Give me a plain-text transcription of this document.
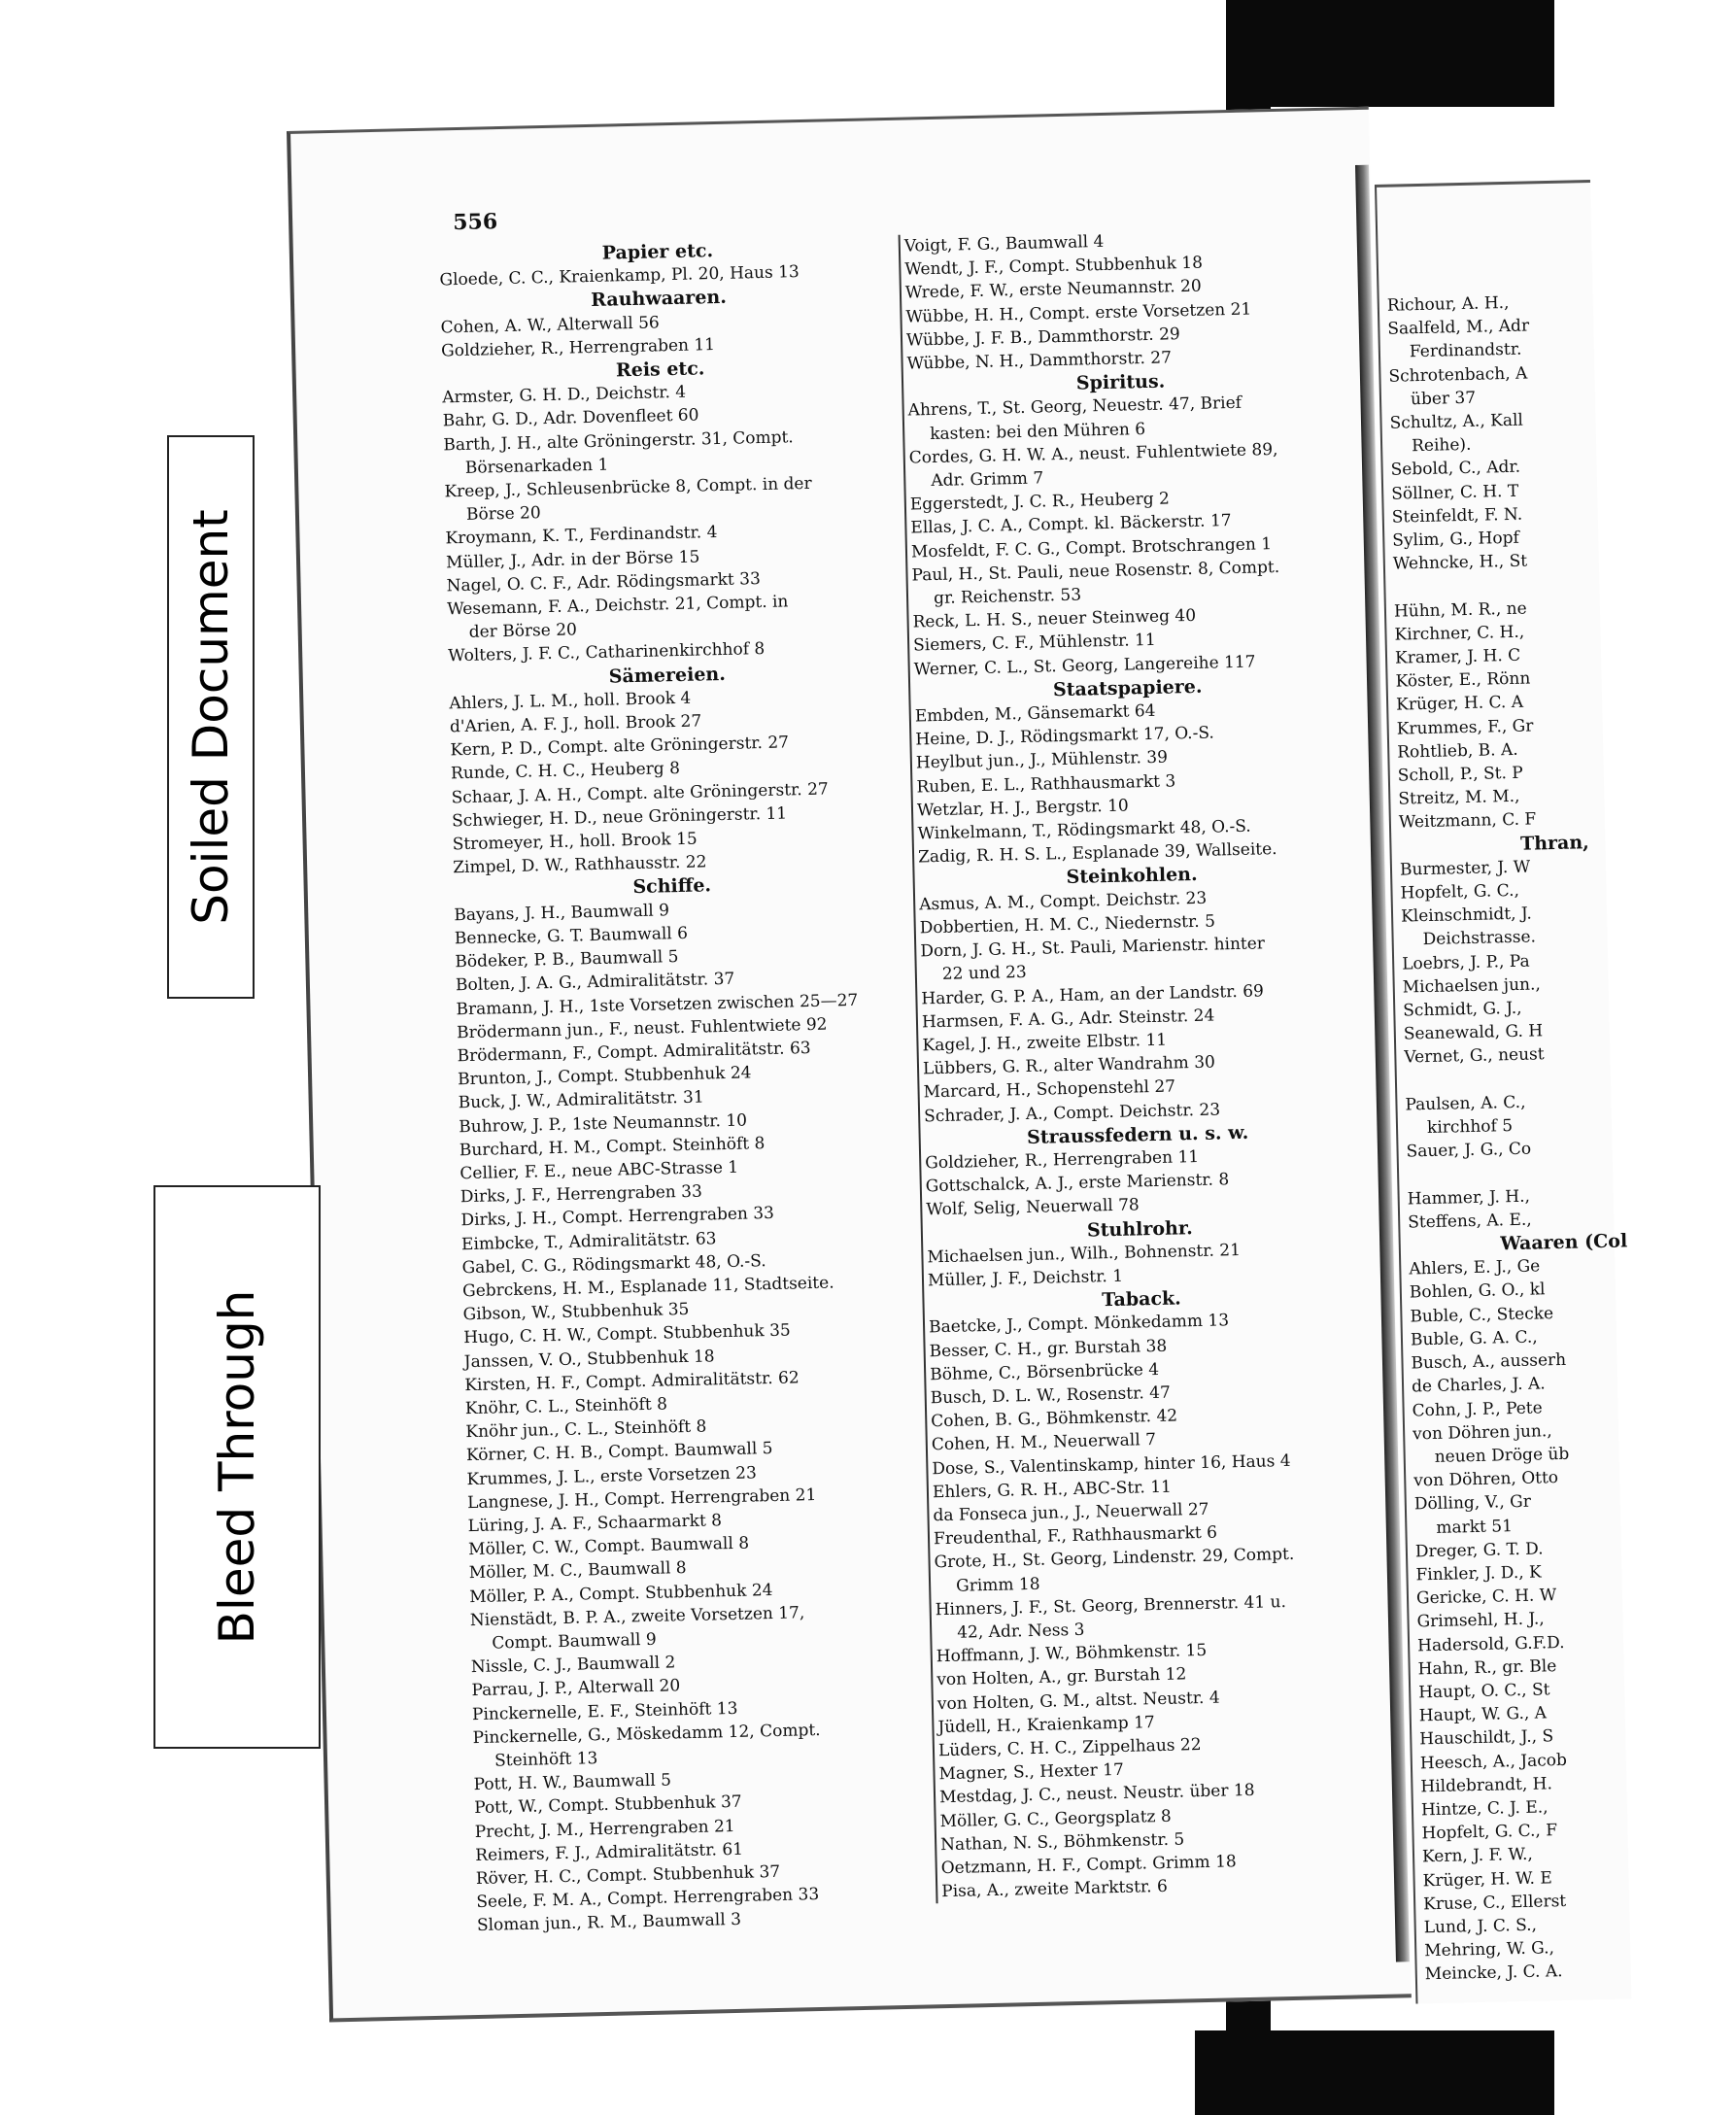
556
Papier etc.
Gloede, C. C., Kraienkamp, Pl. 20, Haus 13
Rauhwaaren.
Cohen, A. W., Alterwall 56
Goldzieher, R., Herrengraben 11
Reis etc.
Armster, G. H. D., Deichstr. 4
Bahr, G. D., Adr. Dovenfleet 60
Barth, J. H., alte Gröningerstr. 31, Compt.
Börsenarkaden 1
Kreep, J., Schleusenbrücke 8, Compt. in der
Börse 20
Kroymann, K. T., Ferdinandstr. 4
Müller, J., Adr. in der Börse 15
Nagel, O. C. F., Adr. Rödingsmarkt 33
Wesemann, F. A., Deichstr. 21, Compt. in
der Börse 20
Wolters, J. F. C., Catharinenkirchhof 8
Sämereien.
Ahlers, J. L. M., holl. Brook 4
d'Arien, A. F. J., holl. Brook 27
Kern, P. D., Compt. alte Gröningerstr. 27
Runde, C. H. C., Heuberg 8
Schaar, J. A. H., Compt. alte Gröningerstr. 27
Schwieger, H. D., neue Gröningerstr. 11
Stromeyer, H., holl. Brook 15
Zimpel, D. W., Rathhausstr. 22
Schiffe.
Bayans, J. H., Baumwall 9
Bennecke, G. T. Baumwall 6
Bödeker, P. B., Baumwall 5
Bolten, J. A. G., Admiralitätstr. 37
Bramann, J. H., 1ste Vorsetzen zwischen 25—27
Brödermann jun., F., neust. Fuhlentwiete 92
Brödermann, F., Compt. Admiralitätstr. 63
Brunton, J., Compt. Stubbenhuk 24
Buck, J. W., Admiralitätstr. 31
Buhrow, J. P., 1ste Neumannstr. 10
Burchard, H. M., Compt. Steinhöft 8
Cellier, F. E., neue ABC-Strasse 1
Dirks, J. F., Herrengraben 33
Dirks, J. H., Compt. Herrengraben 33
Eimbcke, T., Admiralitätstr. 63
Gabel, C. G., Rödingsmarkt 48, O.-S.
Gebrckens, H. M., Esplanade 11, Stadtseite.
Gibson, W., Stubbenhuk 35
Hugo, C. H. W., Compt. Stubbenhuk 35
Janssen, V. O., Stubbenhuk 18
Kirsten, H. F., Compt. Admiralitätstr. 62
Knöhr, C. L., Steinhöft 8
Knöhr jun., C. L., Steinhöft 8
Körner, C. H. B., Compt. Baumwall 5
Krummes, J. L., erste Vorsetzen 23
Langnese, J. H., Compt. Herrengraben 21
Lüring, J. A. F., Schaarmarkt 8
Möller, C. W., Compt. Baumwall 8
Möller, M. C., Baumwall 8
Möller, P. A., Compt. Stubbenhuk 24
Nienstädt, B. P. A., zweite Vorsetzen 17,
Compt. Baumwall 9
Nissle, C. J., Baumwall 2
Parrau, J. P., Alterwall 20
Pinckernelle, E. F., Steinhöft 13
Pinckernelle, G., Möskedamm 12, Compt.
Steinhöft 13
Pott, H. W., Baumwall 5
Pott, W., Compt. Stubbenhuk 37
Precht, J. M., Herrengraben 21
Reimers, F. J., Admiralitätstr. 61
Röver, H. C., Compt. Stubbenhuk 37
Seele, F. M. A., Compt. Herrengraben 33
Sloman jun., R. M., Baumwall 3
Voigt, F. G., Baumwall 4
Wendt, J. F., Compt. Stubbenhuk 18
Wrede, F. W., erste Neumannstr. 20
Wübbe, H. H., Compt. erste Vorsetzen 21
Wübbe, J. F. B., Dammthorstr. 29
Wübbe, N. H., Dammthorstr. 27
Spiritus.
Ahrens, T., St. Georg, Neuestr. 47, Brief
kasten: bei den Mühren 6
Cordes, G. H. W. A., neust. Fuhlentwiete 89,
Adr. Grimm 7
Eggerstedt, J. C. R., Heuberg 2
Ellas, J. C. A., Compt. kl. Bäckerstr. 17
Mosfeldt, F. C. G., Compt. Brotschrangen 1
Paul, H., St. Pauli, neue Rosenstr. 8, Compt.
gr. Reichenstr. 53
Reck, L. H. S., neuer Steinweg 40
Siemers, C. F., Mühlenstr. 11
Werner, C. L., St. Georg, Langereihe 117
Staatspapiere.
Embden, M., Gänsemarkt 64
Heine, D. J., Rödingsmarkt 17, O.-S.
Heylbut jun., J., Mühlenstr. 39
Ruben, E. L., Rathhausmarkt 3
Wetzlar, H. J., Bergstr. 10
Winkelmann, T., Rödingsmarkt 48, O.-S.
Zadig, R. H. S. L., Esplanade 39, Wallseite.
Steinkohlen.
Asmus, A. M., Compt. Deichstr. 23
Dobbertien, H. M. C., Niedernstr. 5
Dorn, J. G. H., St. Pauli, Marienstr. hinter
22 und 23
Harder, G. P. A., Ham, an der Landstr. 69
Harmsen, F. A. G., Adr. Steinstr. 24
Kagel, J. H., zweite Elbstr. 11
Lübbers, G. R., alter Wandrahm 30
Marcard, H., Schopenstehl 27
Schrader, J. A., Compt. Deichstr. 23
Straussfedern u. s. w.
Goldzieher, R., Herrengraben 11
Gottschalck, A. J., erste Marienstr. 8
Wolf, Selig, Neuerwall 78
Stuhlrohr.
Michaelsen jun., Wilh., Bohnenstr. 21
Müller, J. F., Deichstr. 1
Taback.
Baetcke, J., Compt. Mönkedamm 13
Besser, C. H., gr. Burstah 38
Böhme, C., Börsenbrücke 4
Busch, D. L. W., Rosenstr. 47
Cohen, B. G., Böhmkenstr. 42
Cohen, H. M., Neuerwall 7
Dose, S., Valentinskamp, hinter 16, Haus 4
Ehlers, G. R. H., ABC-Str. 11
da Fonseca jun., J., Neuerwall 27
Freudenthal, F., Rathhausmarkt 6
Grote, H., St. Georg, Lindenstr. 29, Compt.
Grimm 18
Hinners, J. F., St. Georg, Brennerstr. 41 u.
42, Adr. Ness 3
Hoffmann, J. W., Böhmkenstr. 15
von Holten, A., gr. Burstah 12
von Holten, G. M., altst. Neustr. 4
Jüdell, H., Kraienkamp 17
Lüders, C. H. C., Zippelhaus 22
Magner, S., Hexter 17
Mestdag, J. C., neust. Neustr. über 18
Möller, G. C., Georgsplatz 8
Nathan, N. S., Böhmkenstr. 5
Oetzmann, H. F., Compt. Grimm 18
Pisa, A., zweite Marktstr. 6
Richour, A. H.,
Saalfeld, M., Adr
Ferdinandstr.
Schrotenbach, A
über 37
Schultz, A., Kall
Reihe).
Sebold, C., Adr.
Söllner, C. H. T
Steinfeldt, F. N.
Sylim, G., Hopf
Wehncke, H., St
Hühn, M. R., ne
Kirchner, C. H.,
Kramer, J. H. C
Köster, E., Rönn
Krüger, H. C. A
Krummes, F., Gr
Rohtlieb, B. A.
Scholl, P., St. P
Streitz, M. M.,
Weitzmann, C. F
Thran,
Burmester, J. W
Hopfelt, G. C.,
Kleinschmidt, J.
Deichstrasse.
Loebrs, J. P., Pa
Michaelsen jun.,
Schmidt, G. J.,
Seanewald, G. H
Vernet, G., neust
Paulsen, A. C.,
kirchhof 5
Sauer, J. G., Co
Hammer, J. H.,
Steffens, A. E.,
Waaren (Col
Ahlers, E. J., Ge
Bohlen, G. O., kl
Buble, C., Stecke
Buble, G. A. C.,
Busch, A., ausserh
de Charles, J. A.
Cohn, J. P., Pete
von Döhren jun.,
neuen Dröge üb
von Döhren, Otto
Dölling, V., Gr
markt 51
Dreger, G. T. D.
Finkler, J. D., K
Gericke, C. H. W
Grimsehl, H. J.,
Hadersold, G.F.D.
Hahn, R., gr. Ble
Haupt, O. C., St
Haupt, W. G., A
Hauschildt, J., S
Heesch, A., Jacob
Hildebrandt, H.
Hintze, C. J. E.,
Hopfelt, G. C., F
Kern, J. F. W.,
Krüger, H. W. E
Kruse, C., Ellerst
Lund, J. C. S.,
Mehring, W. G.,
Meincke, J. C. A.
Soiled Document
Bleed Through
